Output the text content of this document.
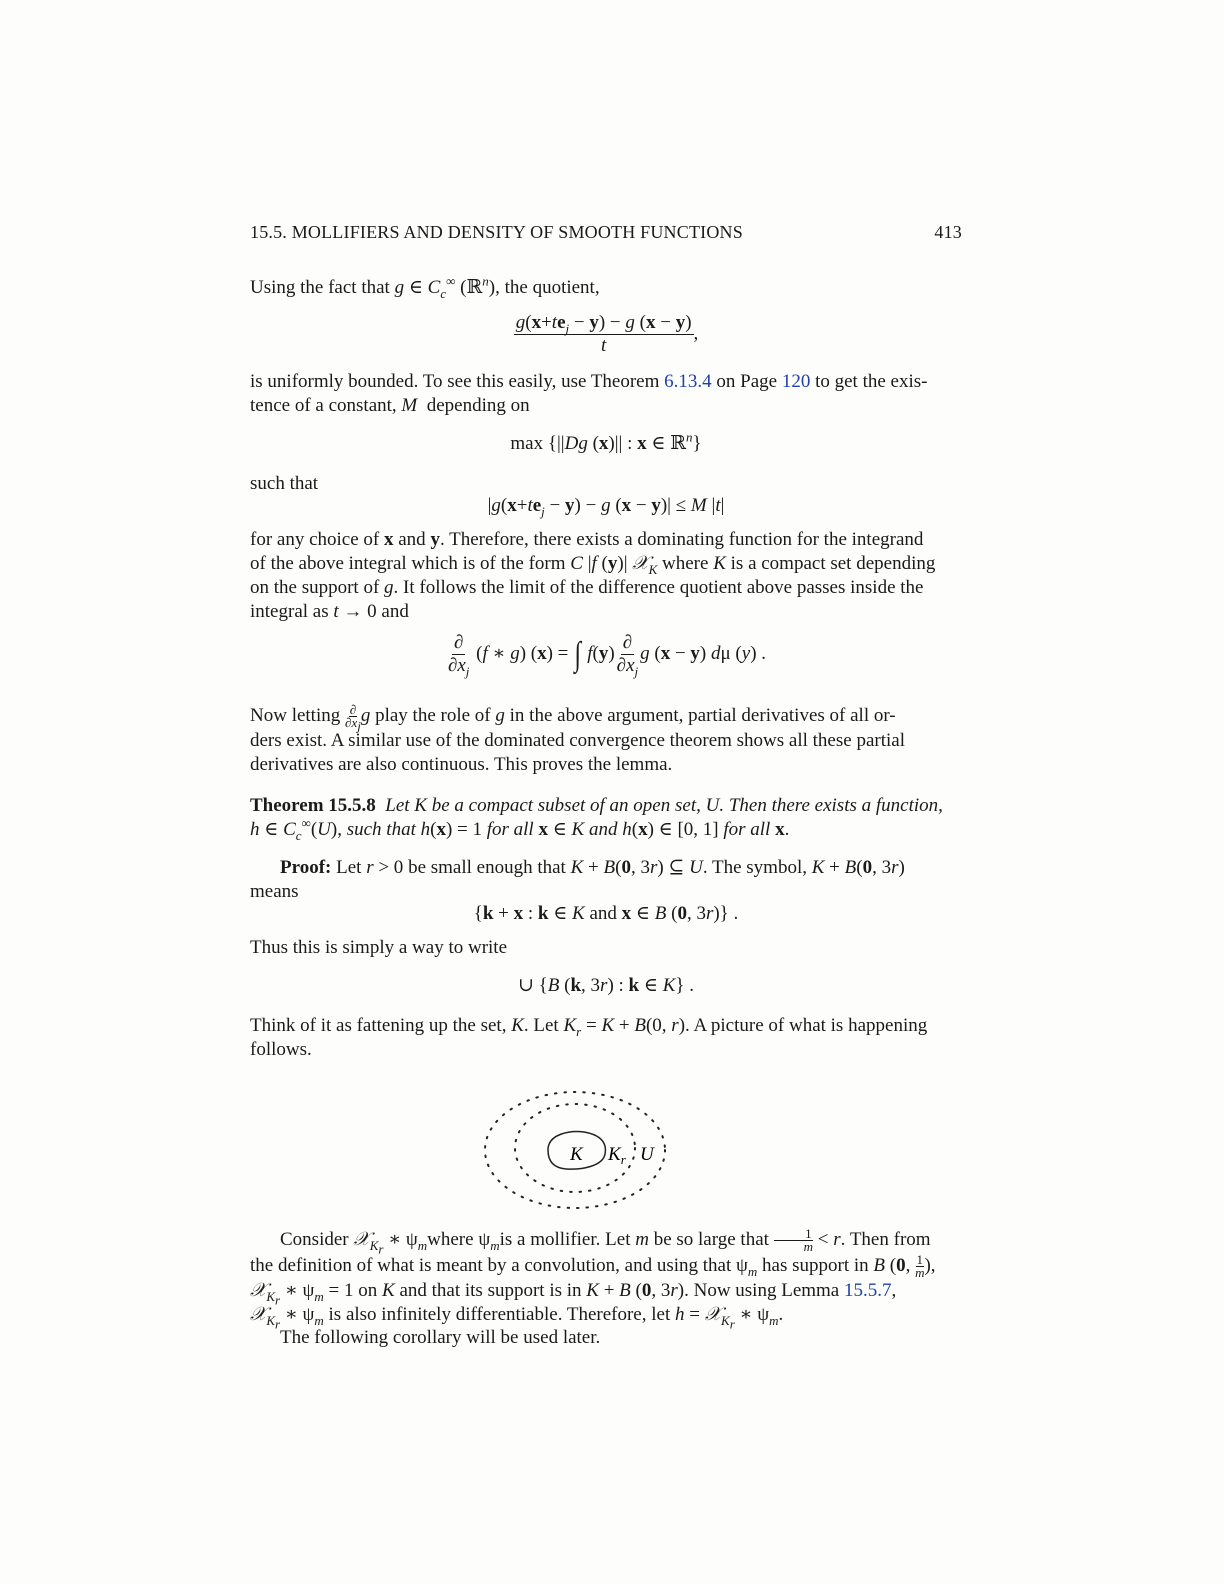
15.5. MOLLIFIERS AND DENSITY OF SMOOTH FUNCTIONS	413
Using the fact that g ∈ $C_c^\infty$ (ℝ$^n$), the quotient,
$\frac{g(x+te_j - y) - g (x - y)}{t}$ ,
is uniformly bounded. To see this easily, use Theorem 6.13.4 on Page 120 to get the exis-
tence of a constant, M depending on
max {||Dg (x)|| : x ∈ ℝ$^n$}
such that
$|g(x+te_j - y) - g$ (x − y)| ≤ M |t|
for any choice of x and y. Therefore, there exists a dominating function for the integrand
of the above integral which is of the form C |f (y)| 𝒳$_K$ where K is a compact set depending
on the support of g. It follows the limit of the difference quotient above passes inside the
integral as t → 0 and
$\frac{\partial}{\partial x_j} (f$ ∗ g) (x) = ∫ $f(y) \frac{\partial}{\partial x_j}$ g (x − y) dμ (y) .
Now letting ∂
$\partial x_j$
g play the role of g in the above argument, partial derivatives of all or-
ders exist. A similar use of the dominated convergence theorem shows all these partial
derivatives are also continuous. This proves the lemma.
Theorem 15.5.8 Let K be a compact subset of an open set, U. Then there exists a function,
h ∈ $C_c^\infty(U)$, such that h(x) = 1 for all x ∈ K and h(x) ∈ [0, 1] for all x.
Proof: Let r > 0 be small enough that K + B(0, 3r) ⊆ U. The symbol, K + B(0, 3r)
means
{k + x : k ∈ K and x ∈ B (0, 3r)} .
Thus this is simply a way to write
∪ {B (k, 3r) : k ∈ K} .
Think of it as fattening up the set, K. Let $K_r = K + B(0$, r). A picture of what is happening
follows.
K $K_r$ U
Consider 𝒳$_{K_r}$ ∗ $\psi_mwhere$ $\psi_mis$ a mollifier. Let m be so large that $\frac{1}{m} < r$. Then from
the definition of what is meant by a convolution, and using that $\psi_m$ has support in B (0, $\frac{1}{m}$ ),
𝒳$_{K_r}$ ∗ $\psi_m = 1$ on K and that its support is in K + B (0, 3r). Now using Lemma 15.5.7,
𝒳$_{K_r}$ ∗ $\psi_m$ is also infinitely differentiable. Therefore, let h = 𝒳$_{K_r}$ ∗ $\psi_m$.
The following corollary will be used later.
